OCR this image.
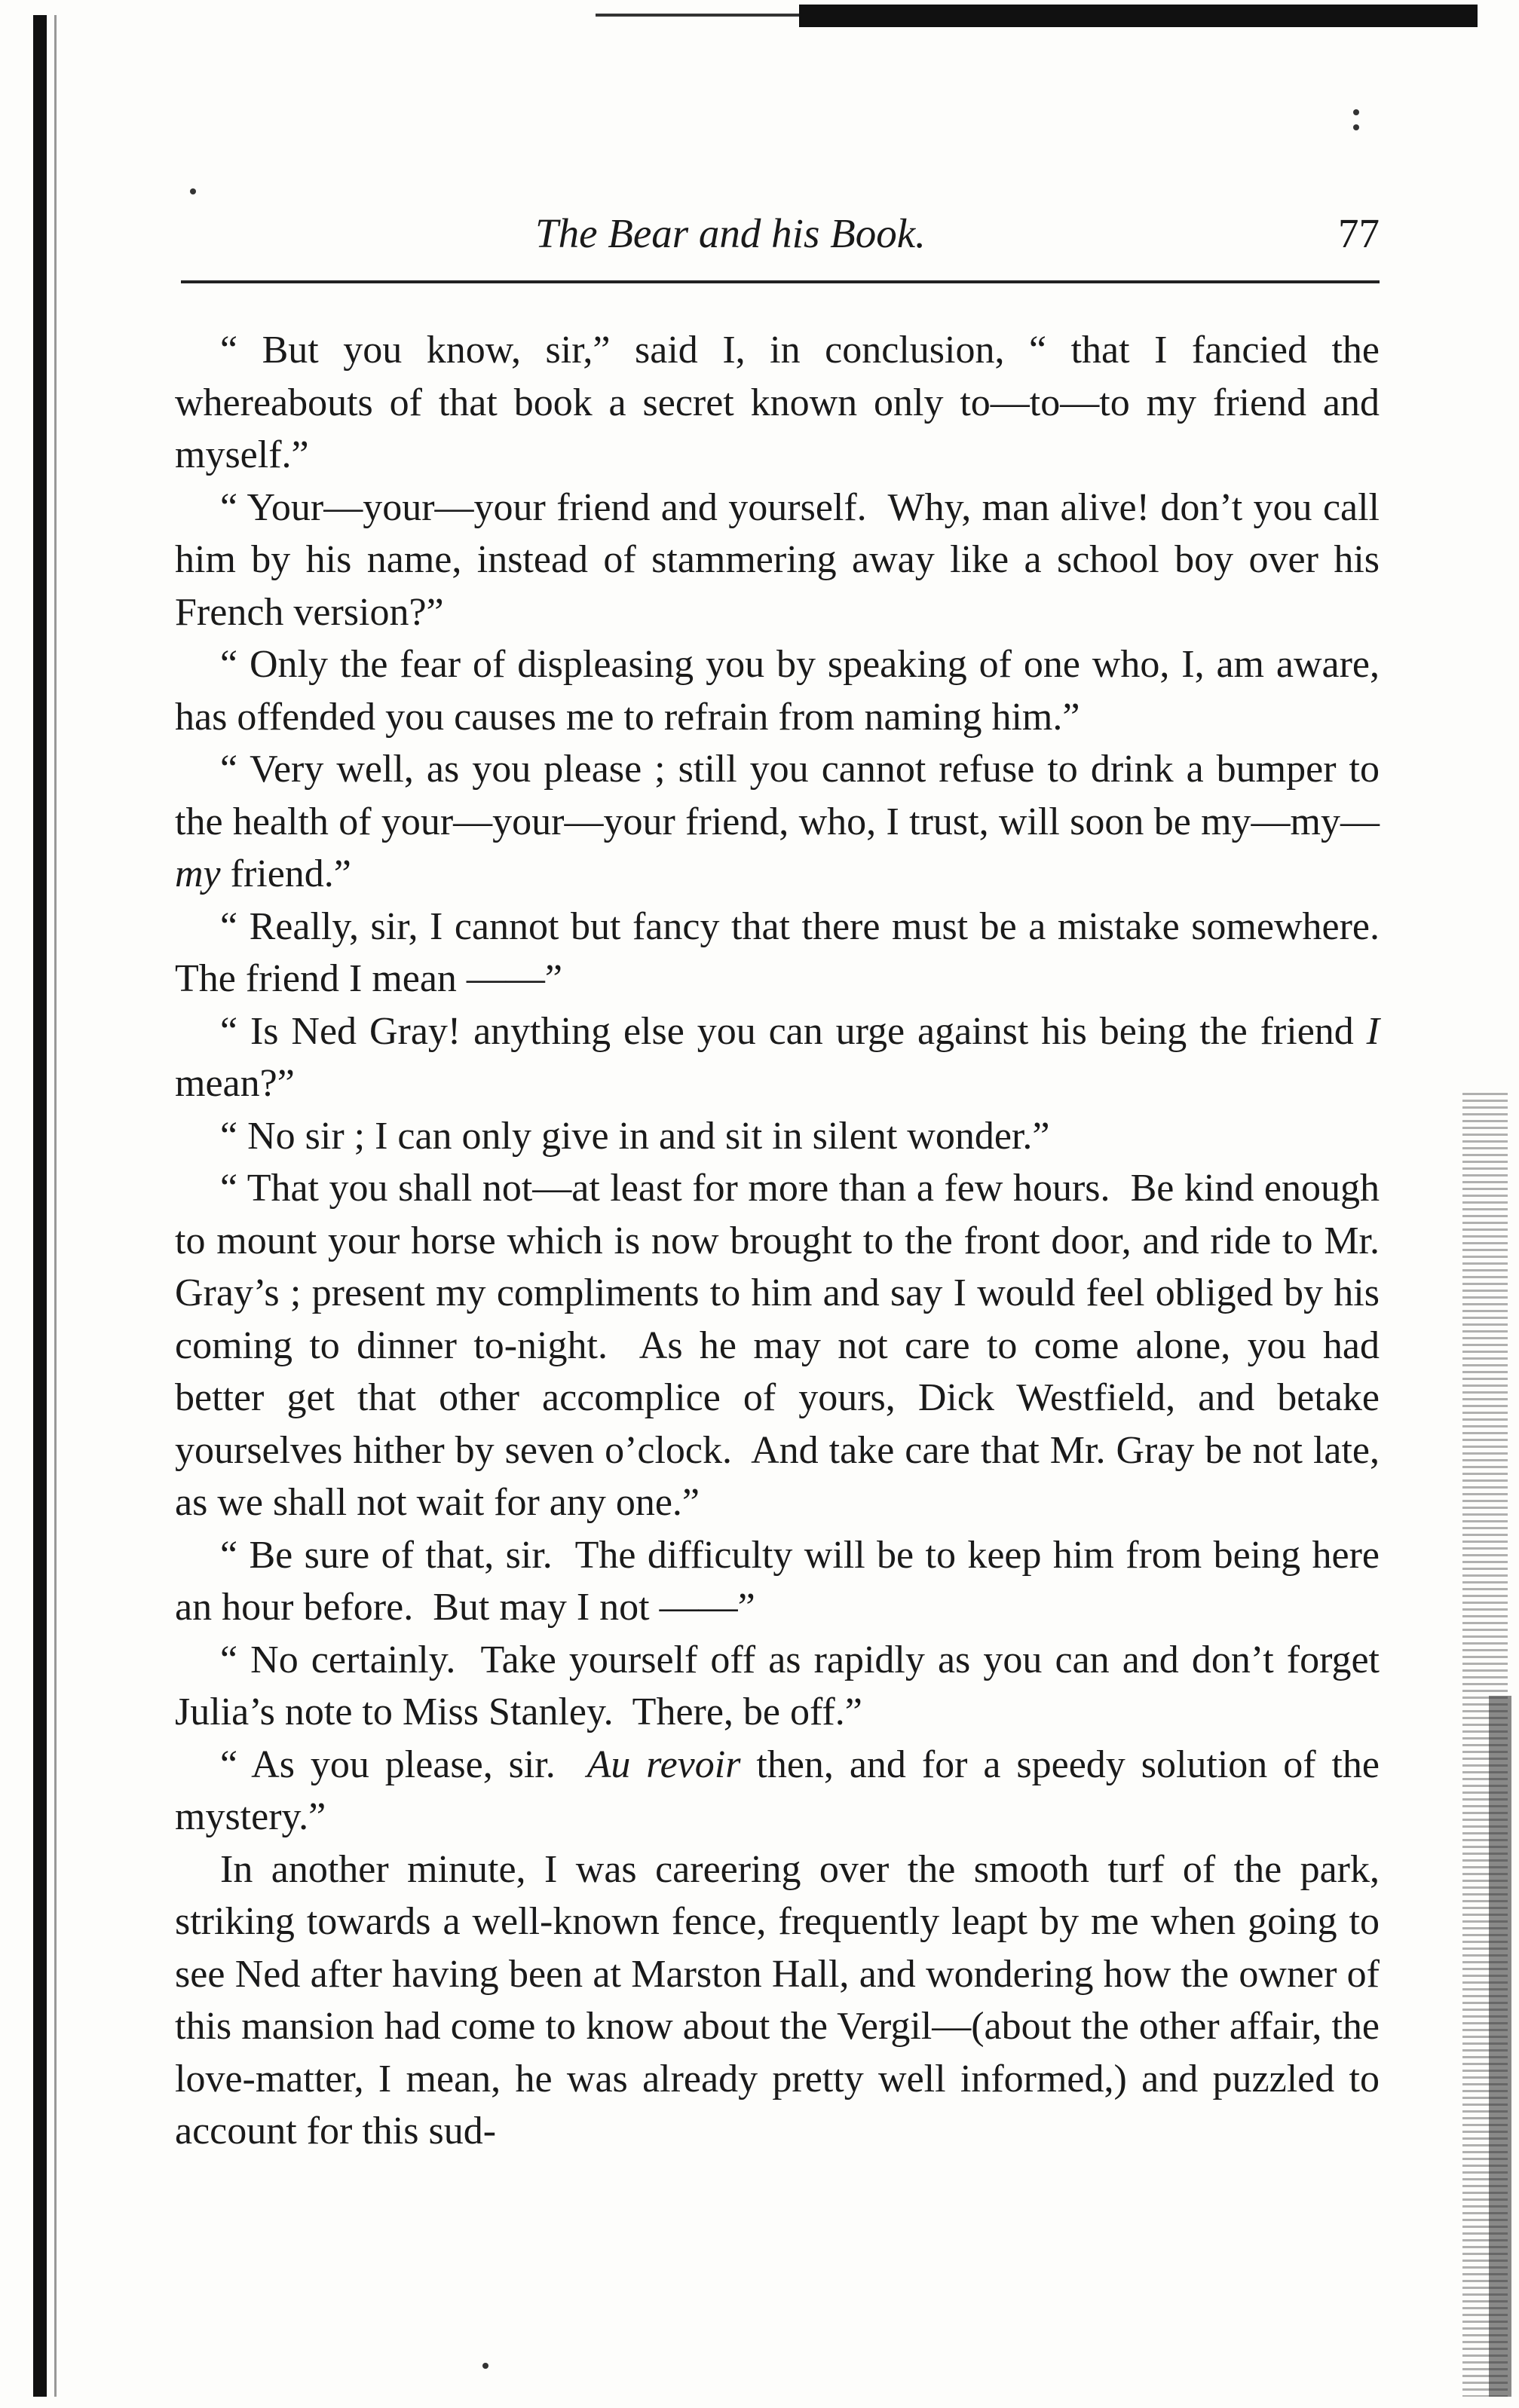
The Bear and his Book.	77

“ But you know, sir,” said I, in conclusion, “ that I fancied the whereabouts of that book a secret known only to—to—to my friend and myself.”

“ Your—your—your friend and yourself.  Why, man alive! don’t you call him by his name, instead of stammering away like a school boy over his French version?”

“ Only the fear of displeasing you by speaking of one who, I, am aware, has offended you causes me to refrain from naming him.”

“ Very well, as you please ; still you cannot refuse to drink a bumper to the health of your—your—your friend, who, I trust, will soon be my—my—my friend.”

“ Really, sir, I cannot but fancy that there must be a mistake somewhere.  The friend I mean ——”

“ Is Ned Gray! anything else you can urge against his being the friend I mean?”

“ No sir ; I can only give in and sit in silent wonder.”

“ That you shall not—at least for more than a few hours.  Be kind enough to mount your horse which is now brought to the front door, and ride to Mr. Gray’s ; present my compliments to him and say I would feel obliged by his coming to dinner to-night.  As he may not care to come alone, you had better get that other accomplice of yours, Dick Westfield, and betake yourselves hither by seven o’clock.  And take care that Mr. Gray be not late, as we shall not wait for any one.”

“ Be sure of that, sir.  The difficulty will be to keep him from being here an hour before.  But may I not ——”

“ No certainly.  Take yourself off as rapidly as you can and don’t forget Julia’s note to Miss Stanley.  There, be off.”

“ As you please, sir.  Au revoir then, and for a speedy solution of the mystery.”

In another minute, I was careering over the smooth turf of the park, striking towards a well-known fence, frequently leapt by me when going to see Ned after having been at Marston Hall, and wondering how the owner of this mansion had come to know about the Vergil—(about the other affair, the love-matter, I mean, he was already pretty well informed,) and puzzled to account for this sud-
